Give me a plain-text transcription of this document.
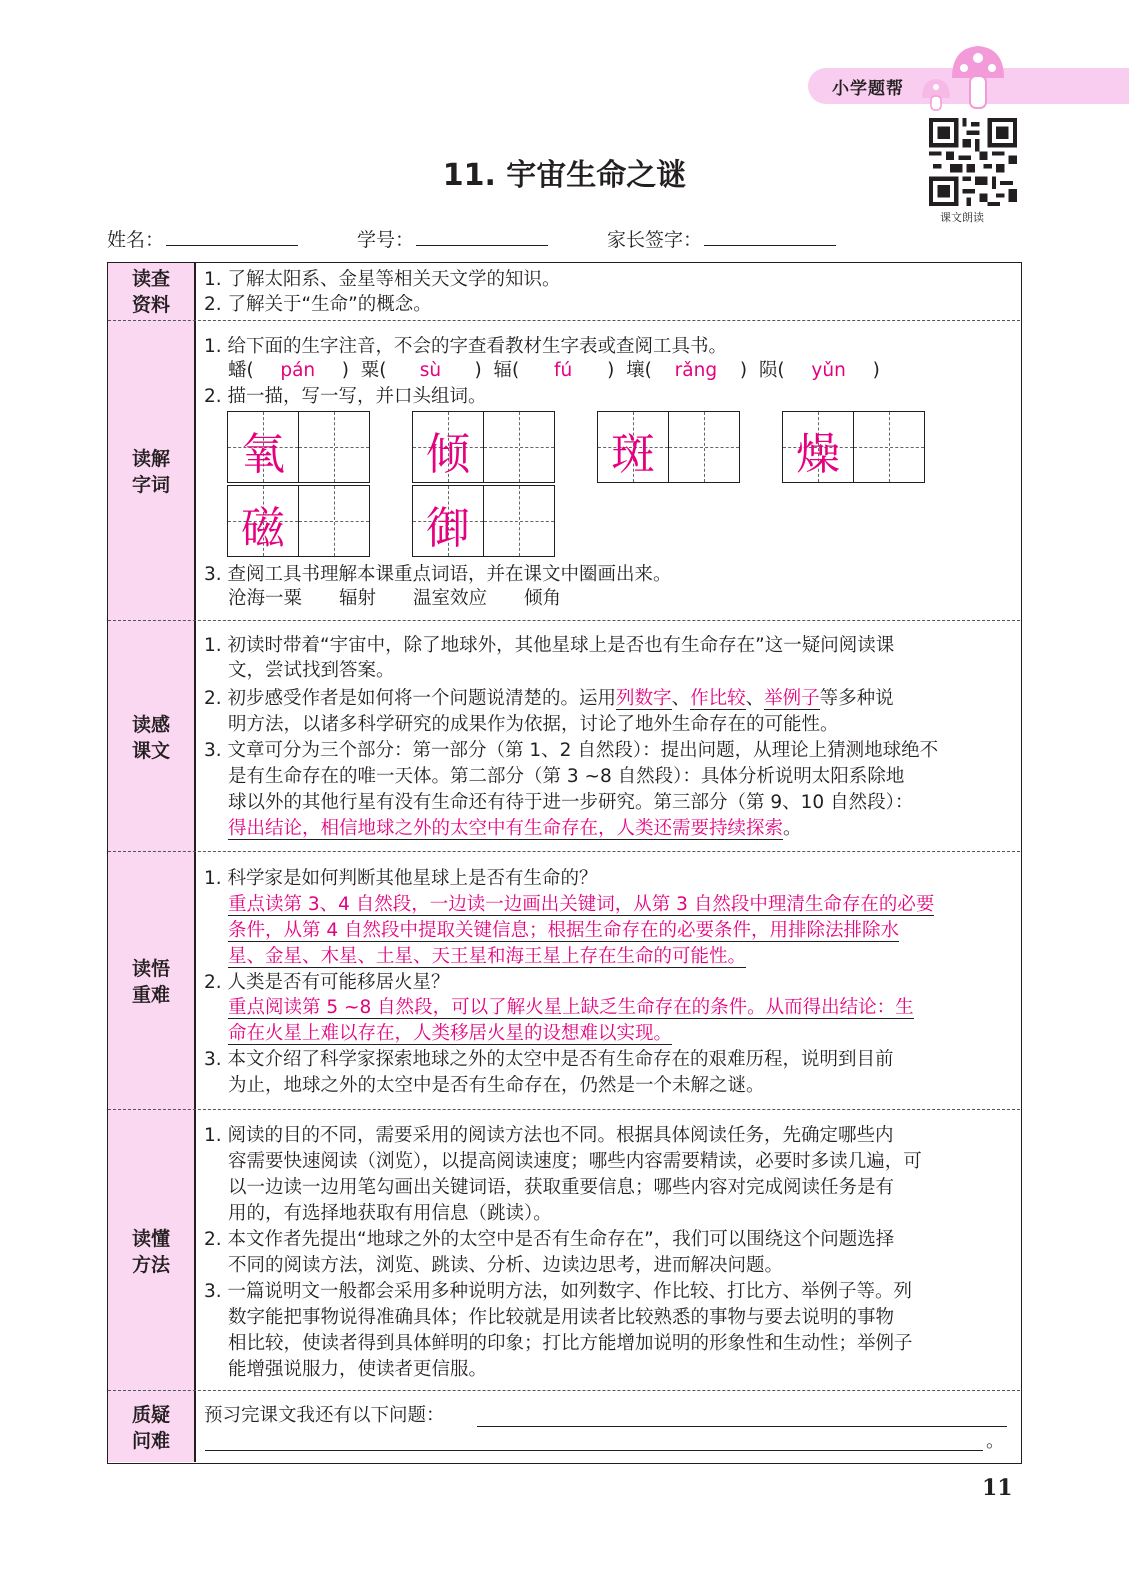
小学题帮
课文朗读
11. 宇宙生命之谜
姓名：	学号：	家长签字：
读查
资料
1. 了解太阳系、金星等相关天文学的知识。
2. 了解关于“生命”的概念。
读解
字词
1. 给下面的生字注音，不会的字查看教材生字表或查阅工具书。
蟠( pán ) 粟( sù ) 辐( fú ) 壤( rǎng ) 陨( yǔn )
2. 描一描，写一写，并口头组词。
氧	倾	斑	燥
磁	御
3. 查阅工具书理解本课重点词语，并在课文中圈画出来。
沧海一粟　　辐射　　温室效应　　倾角
读感
课文
1. 初读时带着“宇宙中，除了地球外，其他星球上是否也有生命存在”这一疑问阅读课
文，尝试找到答案。
2. 初步感受作者是如何将一个问题说清楚的。运用列数字、作比较、举例子等多种说
明方法，以诸多科学研究的成果作为依据，讨论了地外生命存在的可能性。
3. 文章可分为三个部分：第一部分（第 1、2 自然段）：提出问题，从理论上猜测地球绝不
是有生命存在的唯一天体。第二部分（第 3 ~8 自然段）：具体分析说明太阳系除地
球以外的其他行星有没有生命还有待于进一步研究。第三部分（第 9、10 自然段）：
得出结论，相信地球之外的太空中有生命存在，人类还需要持续探索。
读悟
重难
1. 科学家是如何判断其他星球上是否有生命的？
重点读第 3、4 自然段，一边读一边画出关键词，从第 3 自然段中理清生命存在的必要
条件，从第 4 自然段中提取关键信息；根据生命存在的必要条件，用排除法排除水
星、金星、木星、土星、天王星和海王星上存在生命的可能性。
2. 人类是否有可能移居火星？
重点阅读第 5 ~8 自然段，可以了解火星上缺乏生命存在的条件。从而得出结论：生
命在火星上难以存在，人类移居火星的设想难以实现。
3. 本文介绍了科学家探索地球之外的太空中是否有生命存在的艰难历程，说明到目前
为止，地球之外的太空中是否有生命存在，仍然是一个未解之谜。
读懂
方法
1. 阅读的目的不同，需要采用的阅读方法也不同。根据具体阅读任务，先确定哪些内
容需要快速阅读（浏览），以提高阅读速度；哪些内容需要精读，必要时多读几遍，可
以一边读一边用笔勾画出关键词语，获取重要信息；哪些内容对完成阅读任务是有
用的，有选择地获取有用信息（跳读）。
2. 本文作者先提出“地球之外的太空中是否有生命存在”，我们可以围绕这个问题选择
不同的阅读方法，浏览、跳读、分析、边读边思考，进而解决问题。
3. 一篇说明文一般都会采用多种说明方法，如列数字、作比较、打比方、举例子等。列
数字能把事物说得准确具体；作比较就是用读者比较熟悉的事物与要去说明的事物
相比较，使读者得到具体鲜明的印象；打比方能增加说明的形象性和生动性；举例子
能增强说服力，使读者更信服。
质疑
问难
预习完课文我还有以下问题：
。
11
